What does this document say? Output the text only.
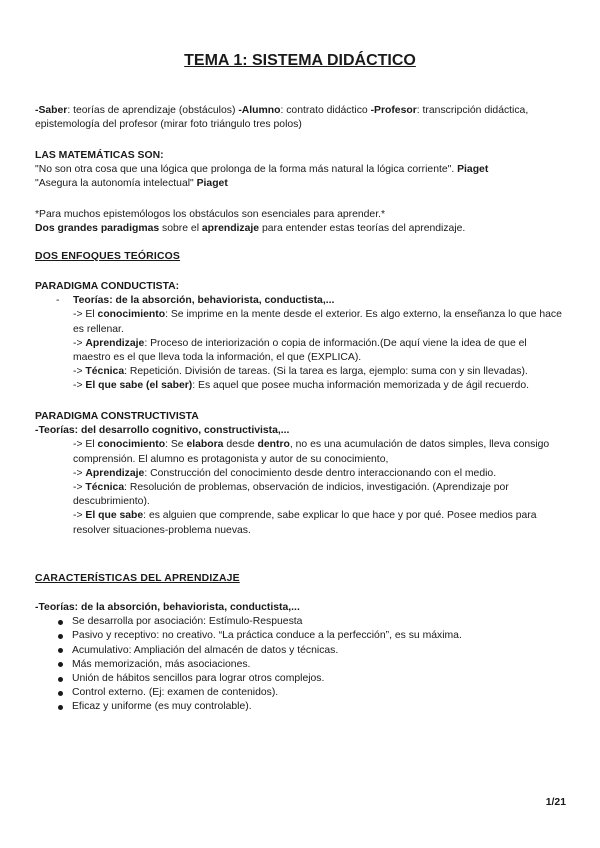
TEMA 1: SISTEMA DIDÁCTICO

-Saber: teorías de aprendizaje (obstáculos) -Alumno: contrato didáctico -Profesor: transcripción didáctica, epistemología del profesor (mirar foto triángulo tres polos)

LAS MATEMÁTICAS SON:

"No son otra cosa que una lógica que prolonga de la forma más natural la lógica corriente". Piaget

"Asegura la autonomía intelectual" Piaget

*Para muchos epistemólogos los obstáculos son esenciales para aprender.*

Dos grandes paradigmas sobre el aprendizaje para entender estas teorías del aprendizaje.

DOS ENFOQUES TEÓRICOS

PARADIGMA CONDUCTISTA:

- Teorías: de la absorción, behaviorista, conductista,...

-> El conocimiento: Se imprime en la mente desde el exterior. Es algo externo, la enseñanza lo que hace es rellenar.

-> Aprendizaje: Proceso de interiorización o copia de información.(De aquí viene la idea de que el maestro es el que lleva toda la información, el que (EXPLICA).

-> Técnica: Repetición. División de tareas. (Si la tarea es larga, ejemplo: suma con y sin llevadas).

-> El que sabe (el saber): Es aquel que posee mucha información memorizada y de ágil recuerdo.

PARADIGMA CONSTRUCTIVISTA

-Teorías: del desarrollo cognitivo, constructivista,...

-> El conocimiento: Se elabora desde dentro, no es una acumulación de datos simples, lleva consigo comprensión. El alumno es protagonista y autor de su conocimiento,

-> Aprendizaje: Construcción del conocimiento desde dentro interaccionando con el medio.

-> Técnica: Resolución de problemas, observación de indicios, investigación. (Aprendizaje por descubrimiento).

-> El que sabe: es alguien que comprende, sabe explicar lo que hace y por qué. Posee medios para resolver situaciones-problema nuevas.

CARACTERÍSTICAS DEL APRENDIZAJE

-Teorías: de la absorción, behaviorista, conductista,...

Se desarrolla por asociación: Estímulo-Respuesta
Pasivo y receptivo: no creativo. “La práctica conduce a la perfección”, es su máxima.
Acumulativo: Ampliación del almacén de datos y técnicas.
Más memorización, más asociaciones.
Unión de hábitos sencillos para lograr otros complejos.
Control externo. (Ej: examen de contenidos).
Eficaz y uniforme (es muy controlable).
1/21
